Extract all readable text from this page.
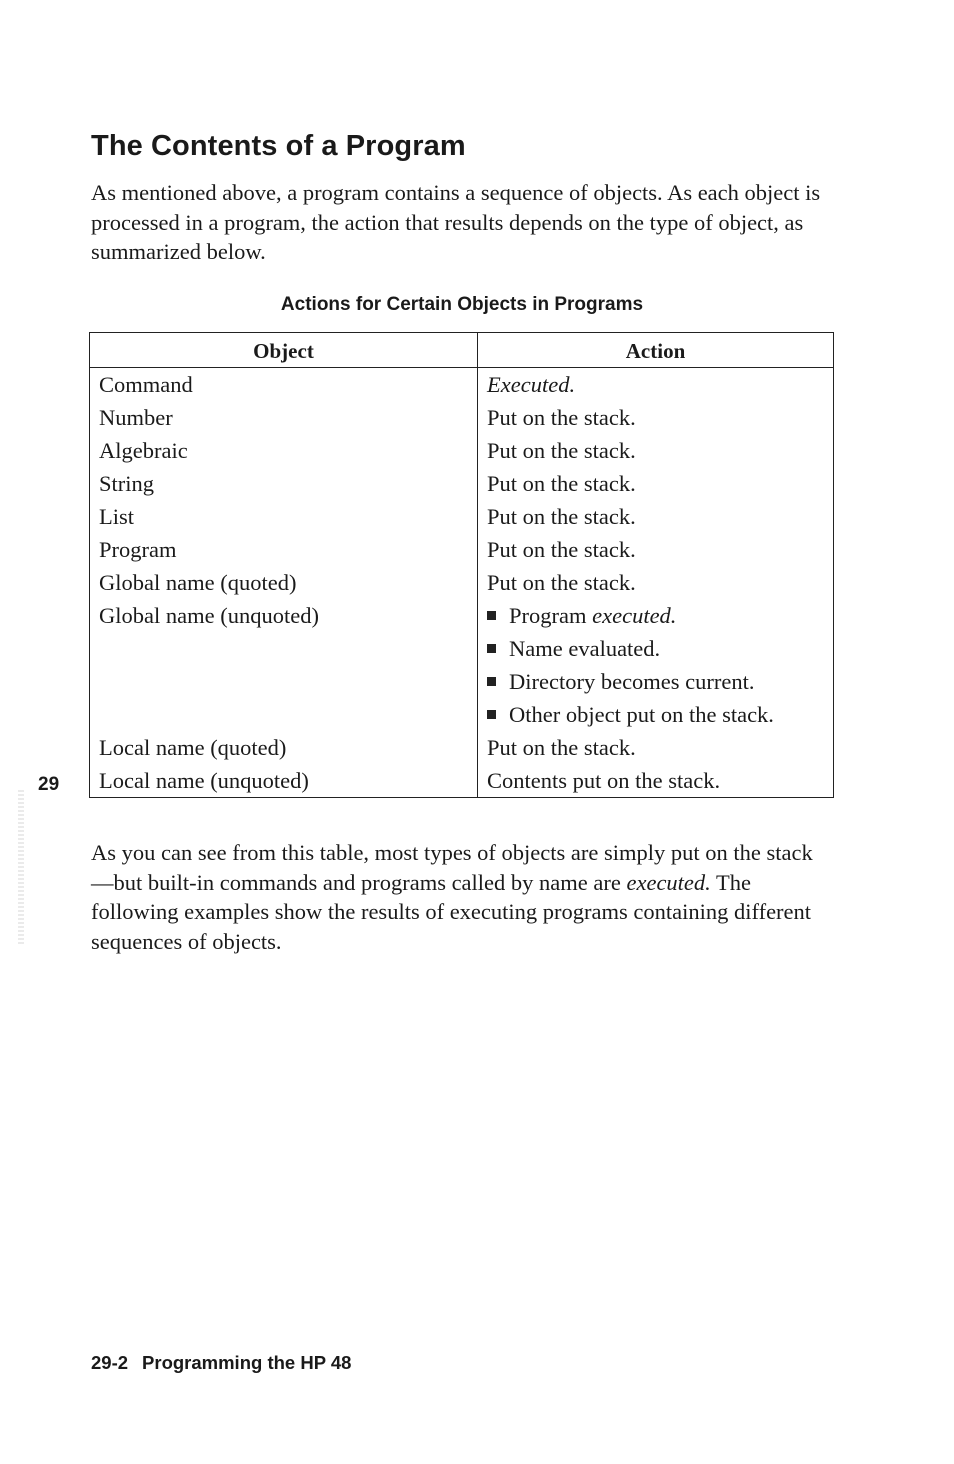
The Contents of a Program

As mentioned above, a program contains a sequence of objects. As each object is processed in a program, the action that results depends on the type of object, as summarized below.

Actions for Certain Objects in Programs
Object	Action
Command	Executed.
Number	Put on the stack.
Algebraic	Put on the stack.
String	Put on the stack.
List	Put on the stack.
Program	Put on the stack.
Global name (quoted)	Put on the stack.
Global name (unquoted)	Program executed.
Name evaluated.
Directory becomes current.
Other object put on the stack.

Local name (quoted)	Put on the stack.
Local name (unquoted)	Contents put on the stack.
29

As you can see from this table, most types of objects are simply put on the stack—but built-in commands and programs called by name are executed. The following examples show the results of executing programs containing different sequences of objects.

29-2 Programming the HP 48
